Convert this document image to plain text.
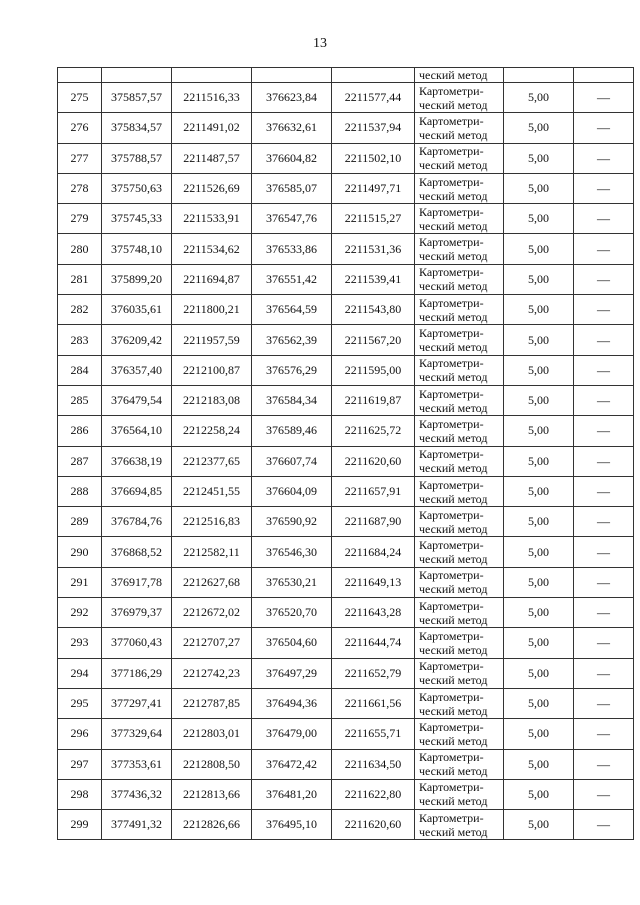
13
					ческий метод		
275	375857,57	2211516,33	376623,84	2211577,44	Картометри-
ческий метод	5,00	—
276	375834,57	2211491,02	376632,61	2211537,94	Картометри-
ческий метод	5,00	—
277	375788,57	2211487,57	376604,82	2211502,10	Картометри-
ческий метод	5,00	—
278	375750,63	2211526,69	376585,07	2211497,71	Картометри-
ческий метод	5,00	—
279	375745,33	2211533,91	376547,76	2211515,27	Картометри-
ческий метод	5,00	—
280	375748,10	2211534,62	376533,86	2211531,36	Картометри-
ческий метод	5,00	—
281	375899,20	2211694,87	376551,42	2211539,41	Картометри-
ческий метод	5,00	—
282	376035,61	2211800,21	376564,59	2211543,80	Картометри-
ческий метод	5,00	—
283	376209,42	2211957,59	376562,39	2211567,20	Картометри-
ческий метод	5,00	—
284	376357,40	2212100,87	376576,29	2211595,00	Картометри-
ческий метод	5,00	—
285	376479,54	2212183,08	376584,34	2211619,87	Картометри-
ческий метод	5,00	—
286	376564,10	2212258,24	376589,46	2211625,72	Картометри-
ческий метод	5,00	—
287	376638,19	2212377,65	376607,74	2211620,60	Картометри-
ческий метод	5,00	—
288	376694,85	2212451,55	376604,09	2211657,91	Картометри-
ческий метод	5,00	—
289	376784,76	2212516,83	376590,92	2211687,90	Картометри-
ческий метод	5,00	—
290	376868,52	2212582,11	376546,30	2211684,24	Картометри-
ческий метод	5,00	—
291	376917,78	2212627,68	376530,21	2211649,13	Картометри-
ческий метод	5,00	—
292	376979,37	2212672,02	376520,70	2211643,28	Картометри-
ческий метод	5,00	—
293	377060,43	2212707,27	376504,60	2211644,74	Картометри-
ческий метод	5,00	—
294	377186,29	2212742,23	376497,29	2211652,79	Картометри-
ческий метод	5,00	—
295	377297,41	2212787,85	376494,36	2211661,56	Картометри-
ческий метод	5,00	—
296	377329,64	2212803,01	376479,00	2211655,71	Картометри-
ческий метод	5,00	—
297	377353,61	2212808,50	376472,42	2211634,50	Картометри-
ческий метод	5,00	—
298	377436,32	2212813,66	376481,20	2211622,80	Картометри-
ческий метод	5,00	—
299	377491,32	2212826,66	376495,10	2211620,60	Картометри-
ческий метод	5,00	—
